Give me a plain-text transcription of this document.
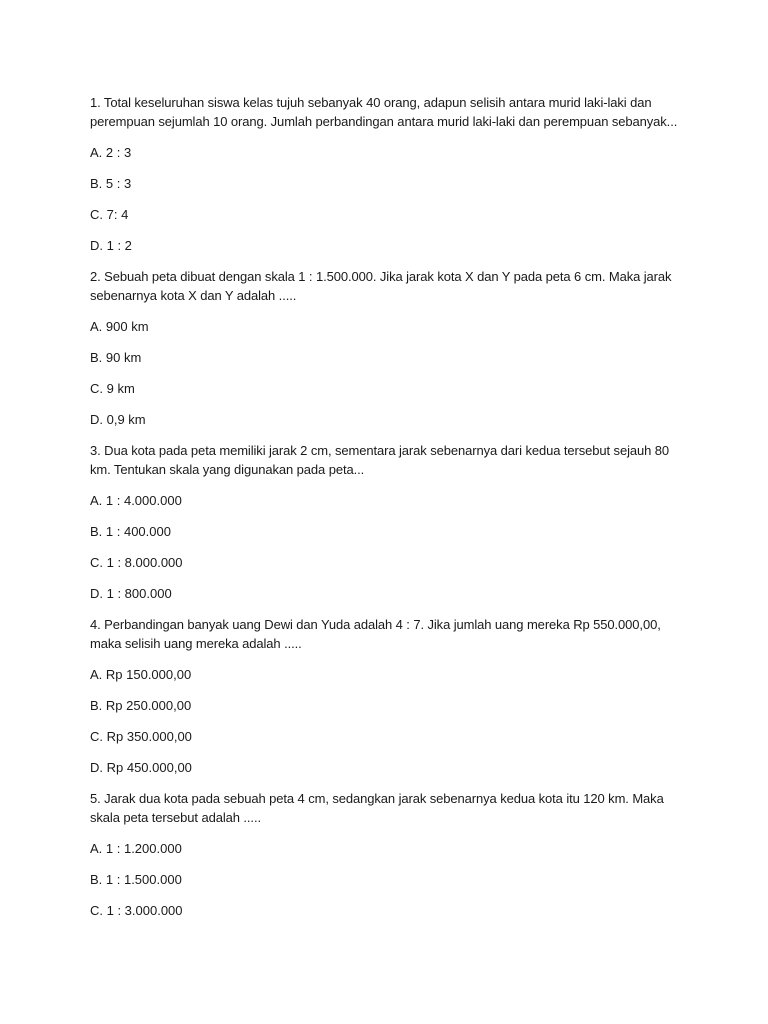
1. Total keseluruhan siswa kelas tujuh sebanyak 40 orang, adapun selisih antara murid laki-laki dan perempuan sejumlah 10 orang. Jumlah perbandingan antara murid laki-laki dan perempuan sebanyak...

A. 2 : 3

B. 5 : 3

C. 7: 4

D. 1 : 2

2. Sebuah peta dibuat dengan skala 1 : 1.500.000. Jika jarak kota X dan Y pada peta 6 cm. Maka jarak sebenarnya kota X dan Y adalah .....

A. 900 km

B. 90 km

C. 9 km

D. 0,9 km

3. Dua kota pada peta memiliki jarak 2 cm, sementara jarak sebenarnya dari kedua tersebut sejauh 80 km. Tentukan skala yang digunakan pada peta...

A. 1 : 4.000.000

B. 1 : 400.000

C. 1 : 8.000.000

D. 1 : 800.000

4. Perbandingan banyak uang Dewi dan Yuda adalah 4 : 7. Jika jumlah uang mereka Rp 550.000,00, maka selisih uang mereka adalah .....

A. Rp 150.000,00

B. Rp 250.000,00

C. Rp 350.000,00

D. Rp 450.000,00

5. Jarak dua kota pada sebuah peta 4 cm, sedangkan jarak sebenarnya kedua kota itu 120 km. Maka skala peta tersebut adalah .....

A. 1 : 1.200.000

B. 1 : 1.500.000

C. 1 : 3.000.000
